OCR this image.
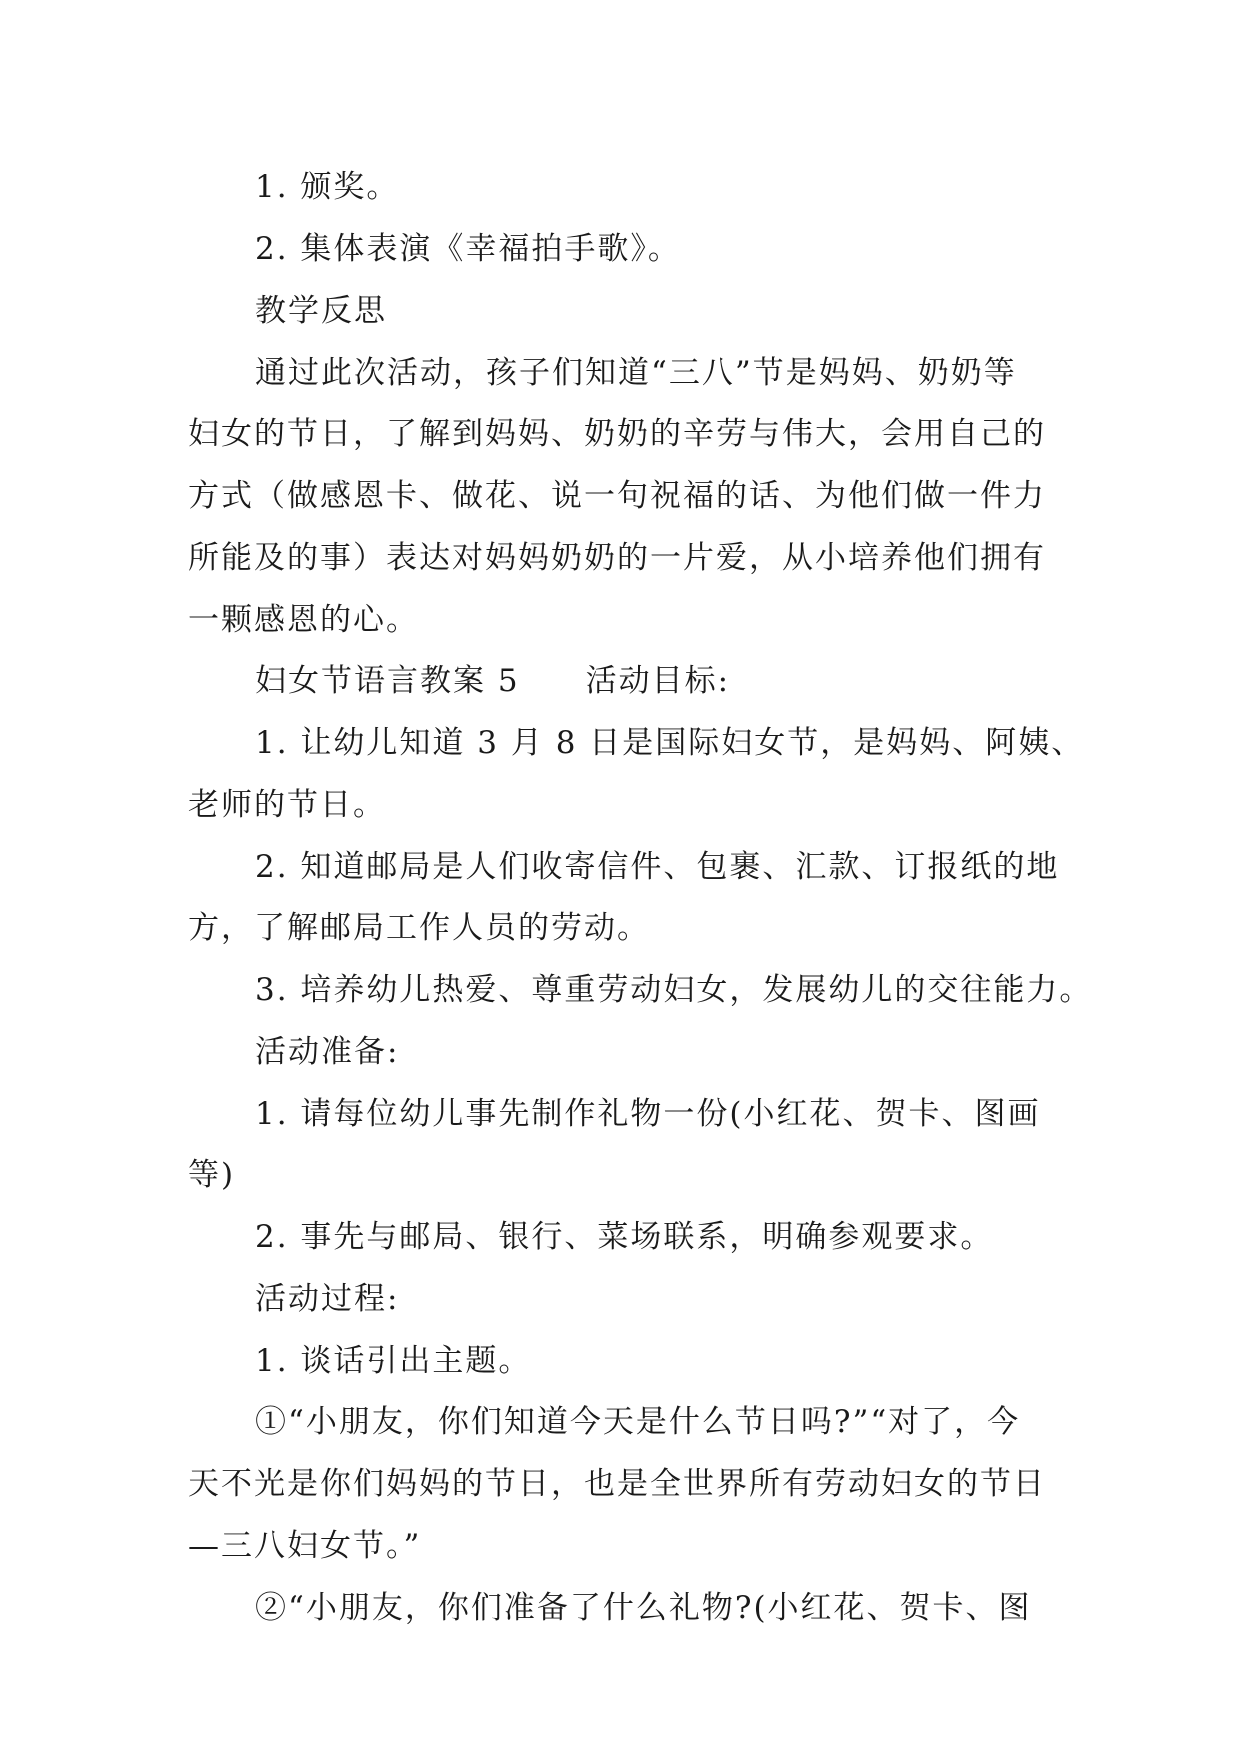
1. 颁奖。
2. 集体表演《幸福拍手歌》。
教学反思
通过此次活动，孩子们知道“三八”节是妈妈、奶奶等
妇女的节日，了解到妈妈、奶奶的辛劳与伟大，会用自己的
方式（做感恩卡、做花、说一句祝福的话、为他们做一件力
所能及的事）表达对妈妈奶奶的一片爱，从小培养他们拥有
一颗感恩的心。
妇女节语言教案 5　　活动目标:
1. 让幼儿知道 3 月 8 日是国际妇女节，是妈妈、阿姨、
老师的节日。
2. 知道邮局是人们收寄信件、包裹、汇款、订报纸的地
方，了解邮局工作人员的劳动。
3. 培养幼儿热爱、尊重劳动妇女，发展幼儿的交往能力。
活动准备:
1. 请每位幼儿事先制作礼物一份(小红花、贺卡、图画
等)
2. 事先与邮局、银行、菜场联系，明确参观要求。
活动过程:
1. 谈话引出主题。
①“小朋友，你们知道今天是什么节日吗?”“对了，今
天不光是你们妈妈的节日，也是全世界所有劳动妇女的节日
—三八妇女节。”
②“小朋友，你们准备了什么礼物?(小红花、贺卡、图
